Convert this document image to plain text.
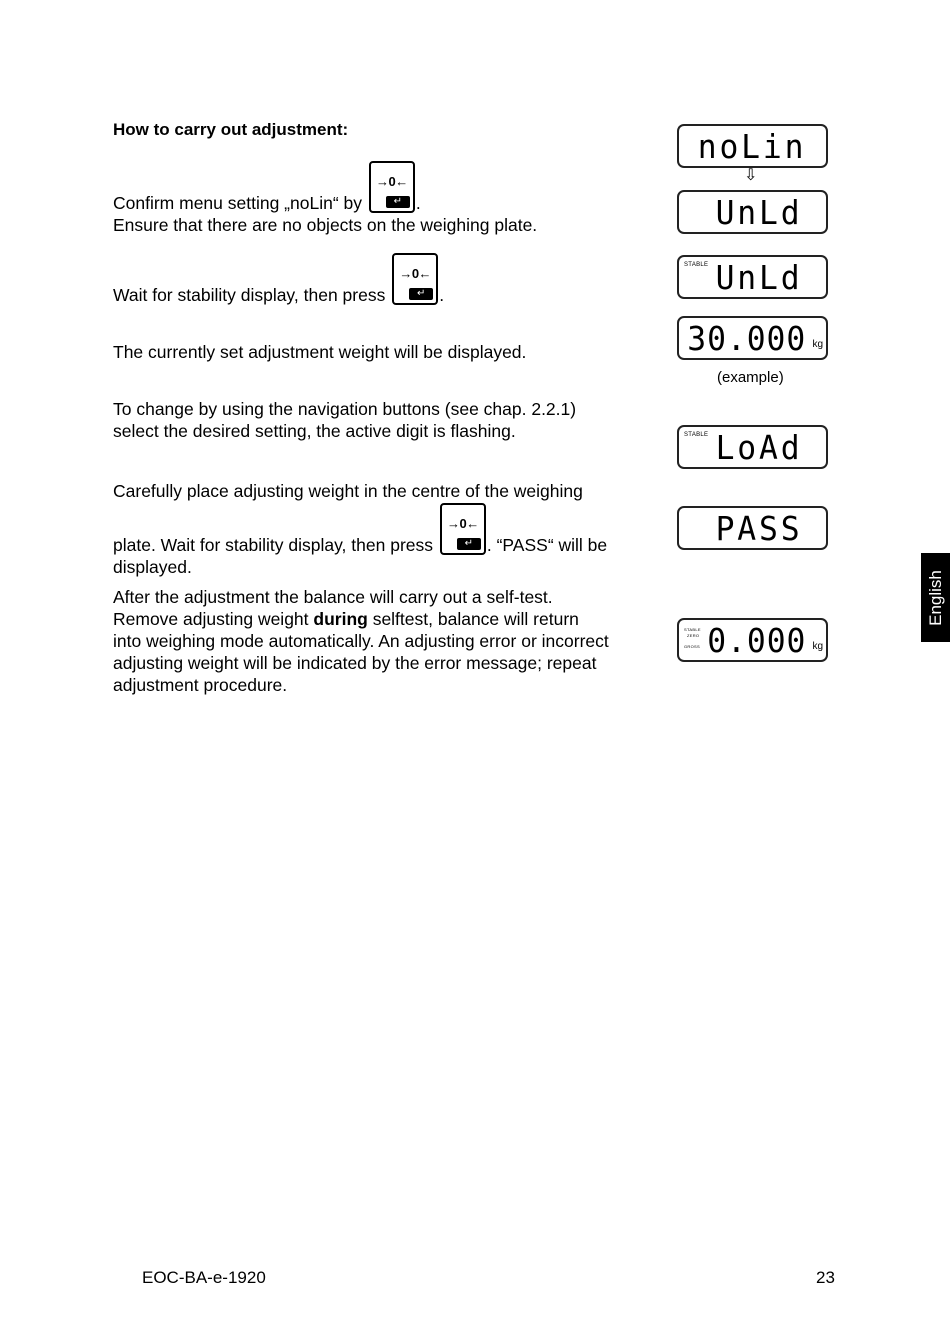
How to carry out adjustment:
Confirm menu setting „noLin“ by
→0←
↵ .
Ensure that there are no objects on the weighing plate.
Wait for stability display, then press
→0←
↵ .
The currently set adjustment weight will be displayed.
To change by using the navigation buttons (see chap. 2.2.1)
select the desired setting, the active digit is flashing.
Carefully place adjusting weight in the centre of the weighing
plate. Wait for stability display, then press
→0←
↵ . “PASS“ will be
displayed.
After the adjustment the balance will carry out a self-test.
Remove adjusting weight during selftest, balance will return
into weighing mode automatically. An adjusting error or incorrect
adjusting weight will be indicated by the error message; repeat
adjustment procedure.
noLin
⇩
UnLd
STABLE UnLd
30.000 kg
(example)
STABLE LoAd
PASS
STABLE
ZERO
GROSS 0.000 kg
English
EOC-BA-e-1920	23
